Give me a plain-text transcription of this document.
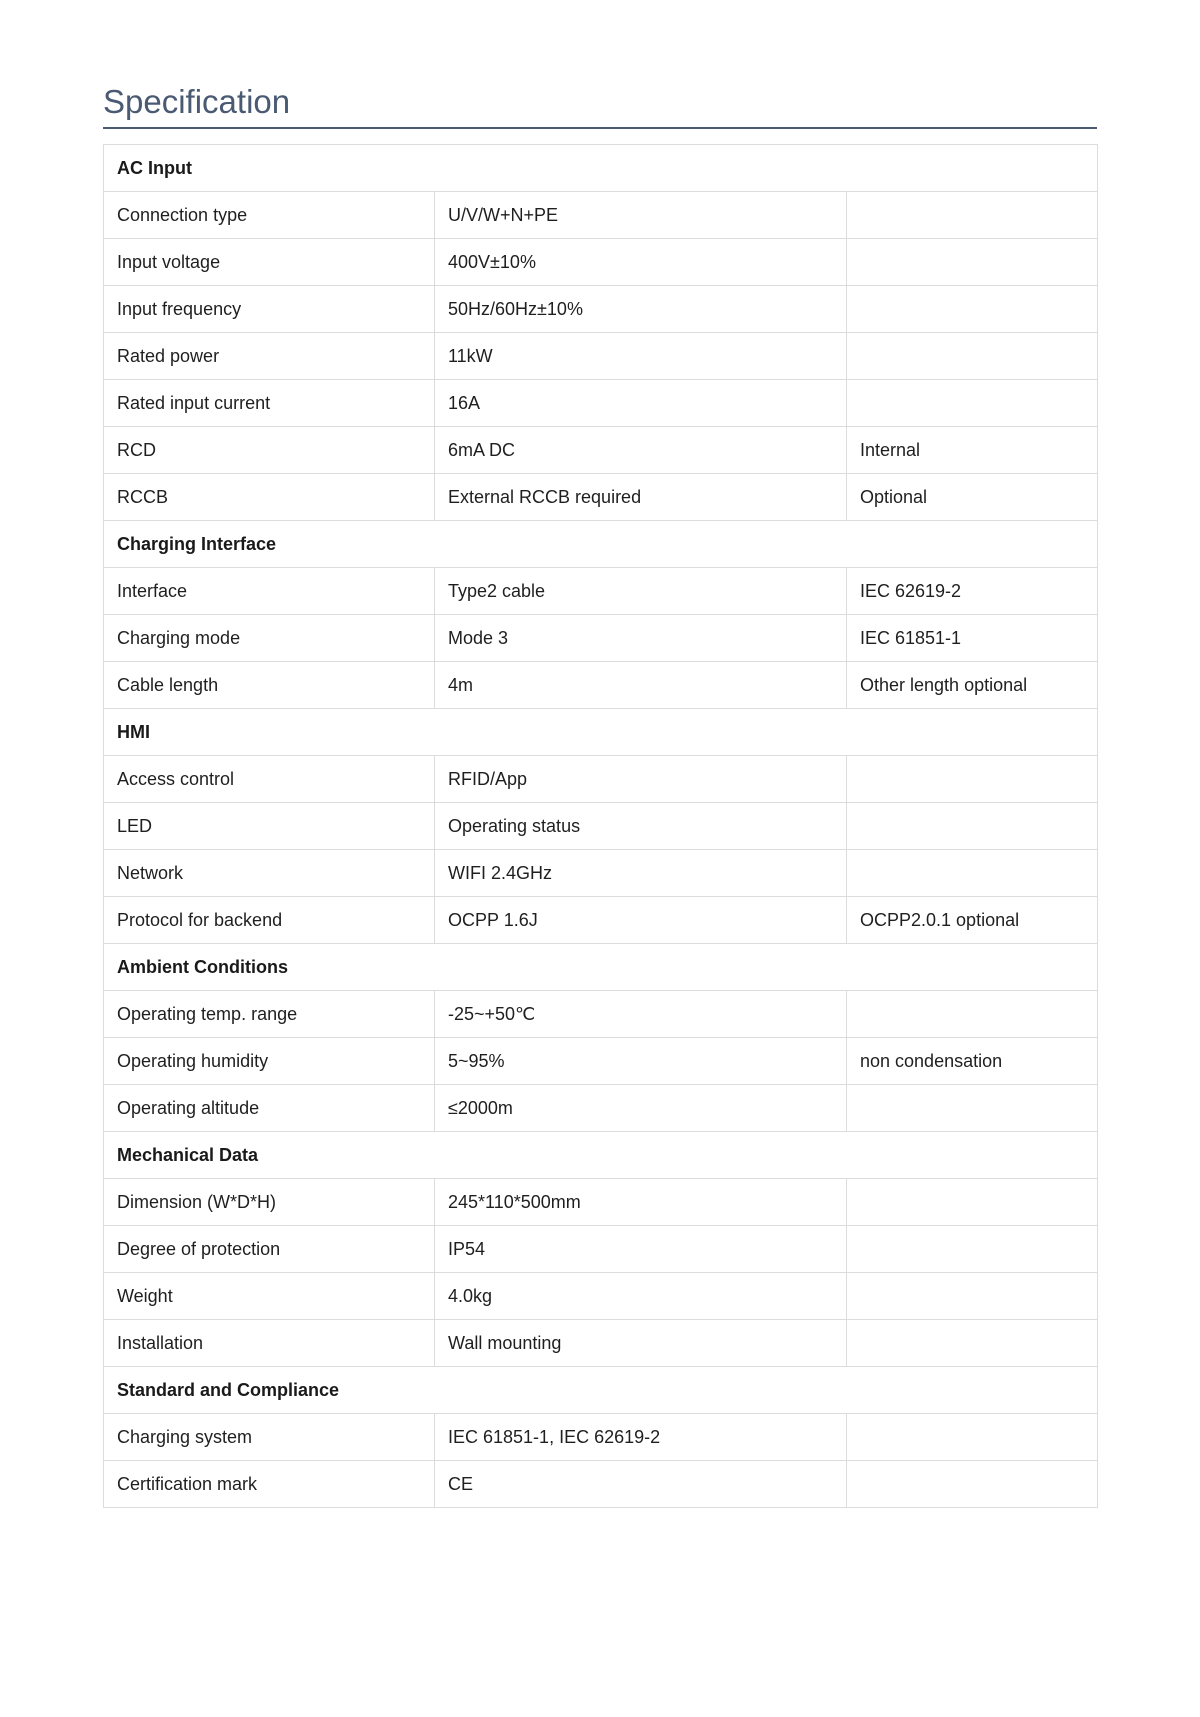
Specification
AC Input		
Connection type	U/V/W+N+PE	
Input voltage	400V±10%	
Input frequency	50Hz/60Hz±10%	
Rated power	11kW	
Rated input current	16A	
RCD	6mA DC	Internal
RCCB	External RCCB required	Optional
Charging Interface		
Interface	Type2 cable	IEC 62619-2
Charging mode	Mode 3	IEC 61851-1
Cable length	4m	Other length optional
HMI		
Access control	RFID/App	
LED	Operating status	
Network	WIFI 2.4GHz	
Protocol for backend	OCPP 1.6J	OCPP2.0.1 optional
Ambient Conditions		
Operating temp. range	-25~+50℃	
Operating humidity	5~95%	non condensation
Operating altitude	≤2000m	
Mechanical Data		
Dimension (W*D*H)	245*110*500mm	
Degree of protection	IP54	
Weight	4.0kg	
Installation	Wall mounting	
Standard and Compliance		
Charging system	IEC 61851-1, IEC 62619-2	
Certification mark	CE	
